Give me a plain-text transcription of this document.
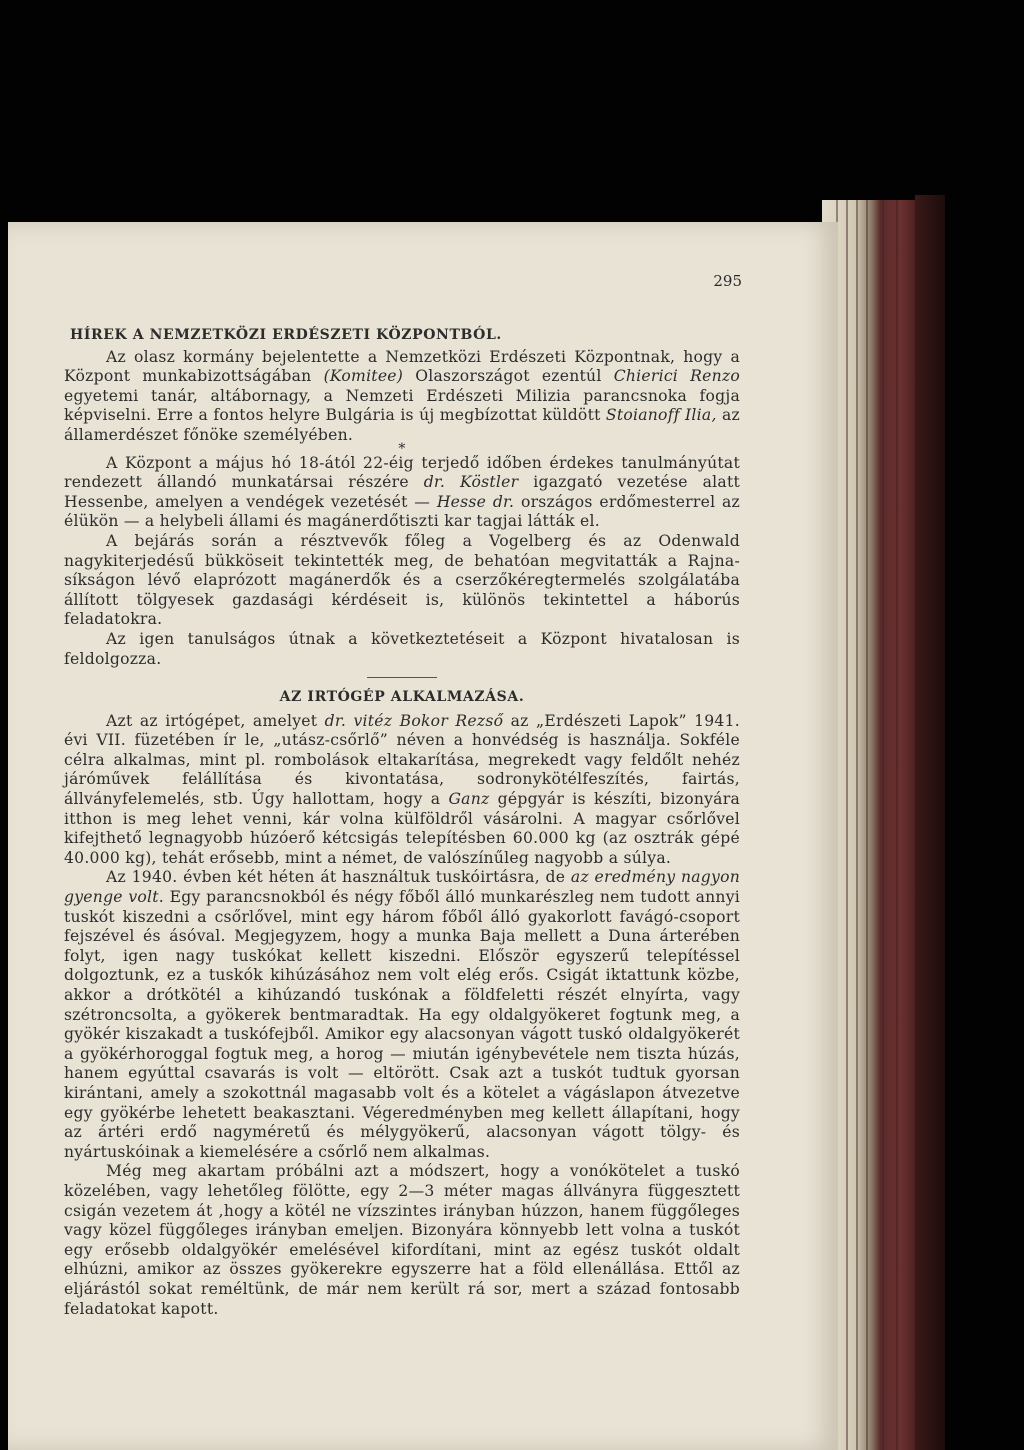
295
HÍREK A NEMZETKÖZI ERDÉSZETI KÖZPONTBÓL.

Az olasz kormány bejelentette a Nemzetközi Erdészeti Központnak, hogy a Központ munkabizottságában (Komitee) Olaszországot ezentúl Chierici Renzo egyetemi tanár, altábornagy, a Nemzeti Erdészeti Milizia parancsnoka fogja képviselni. Erre a fontos helyre Bulgária is új megbízottat küldött Stoianoff Ilia, az államerdészet főnöke személyében.

*

A Központ a május hó 18-ától 22-éig terjedő időben érdekes tanulmányútat rendezett állandó munkatársai részére dr. Köstler igazgató vezetése alatt Hessenbe, amelyen a vendégek vezetését — Hesse dr. országos erdőmesterrel az élükön — a helybeli állami és magánerdőtiszti kar tagjai látták el.

A bejárás során a résztvevők főleg a Vogelberg és az Odenwald nagykiterjedésű bükköseit tekintették meg, de behatóan megvitatták a Rajna-síkságon lévő elaprózott magánerdők és a cserzőkéregtermelés szolgálatába állított tölgyesek gazdasági kérdéseit is, különös tekintettel a háborús feladatokra.

Az igen tanulságos útnak a következtetéseit a Központ hivatalosan is feldolgozza.

AZ IRTÓGÉP ALKALMAZÁSA.

Azt az irtógépet, amelyet dr. vitéz Bokor Rezső az „Erdészeti Lapok” 1941. évi VII. füzetében ír le, „utász-csőrlő” néven a honvédség is használja. Sokféle célra alkalmas, mint pl. rombolások eltakarítása, megrekedt vagy feldőlt nehéz járóművek felállítása és kivontatása, sodronykötélfeszítés, fairtás, állványfelemelés, stb. Úgy hallottam, hogy a Ganz gépgyár is készíti, bizonyára itthon is meg lehet venni, kár volna külföldről vásárolni. A magyar csőrlővel kifejthető legnagyobb húzóerő kétcsigás telepítésben 60.000 kg (az osztrák gépé 40.000 kg), tehát erősebb, mint a német, de valószínűleg nagyobb a súlya.

Az 1940. évben két héten át használtuk tuskóirtásra, de az eredmény nagyon gyenge volt. Egy parancsnokból és négy főből álló munkarészleg nem tudott annyi tuskót kiszedni a csőrlővel, mint egy három főből álló gyakorlott favágó-csoport fejszével és ásóval. Megjegyzem, hogy a munka Baja mellett a Duna árterében folyt, igen nagy tuskókat kellett kiszedni. Először egyszerű telepítéssel dolgoztunk, ez a tuskók kihúzásához nem volt elég erős. Csigát iktattunk közbe, akkor a drótkötél a kihúzandó tuskónak a földfeletti részét elnyírta, vagy szétroncsolta, a gyökerek bentmaradtak. Ha egy oldalgyökeret fogtunk meg, a gyökér kiszakadt a tuskófejből. Amikor egy alacsonyan vágott tuskó oldalgyökerét a gyökérhoroggal fogtuk meg, a horog — miután igénybevétele nem tiszta húzás, hanem egyúttal csavarás is volt — eltörött. Csak azt a tuskót tudtuk gyorsan kirántani, amely a szokottnál magasabb volt és a kötelet a vágáslapon átvezetve egy gyökérbe lehetett beakasztani. Végeredményben meg kellett állapítani, hogy az ártéri erdő nagyméretű és mélygyökerű, alacsonyan vágott tölgy- és nyártuskóinak a kiemelésére a csőrlő nem alkalmas.

Még meg akartam próbálni azt a módszert, hogy a vonókötelet a tuskó közelében, vagy lehetőleg fölötte, egy 2—3 méter magas állványra függesztett csigán vezetem át ,hogy a kötél ne vízszintes irányban húzzon, hanem függőleges vagy közel függőleges irányban emeljen. Bizonyára könnyebb lett volna a tuskót egy erősebb oldalgyökér emelésével kifordítani, mint az egész tuskót oldalt elhúzni, amikor az összes gyökerekre egyszerre hat a föld ellenállása. Ettől az eljárástól sokat reméltünk, de már nem került rá sor, mert a század fontosabb feladatokat kapott.
